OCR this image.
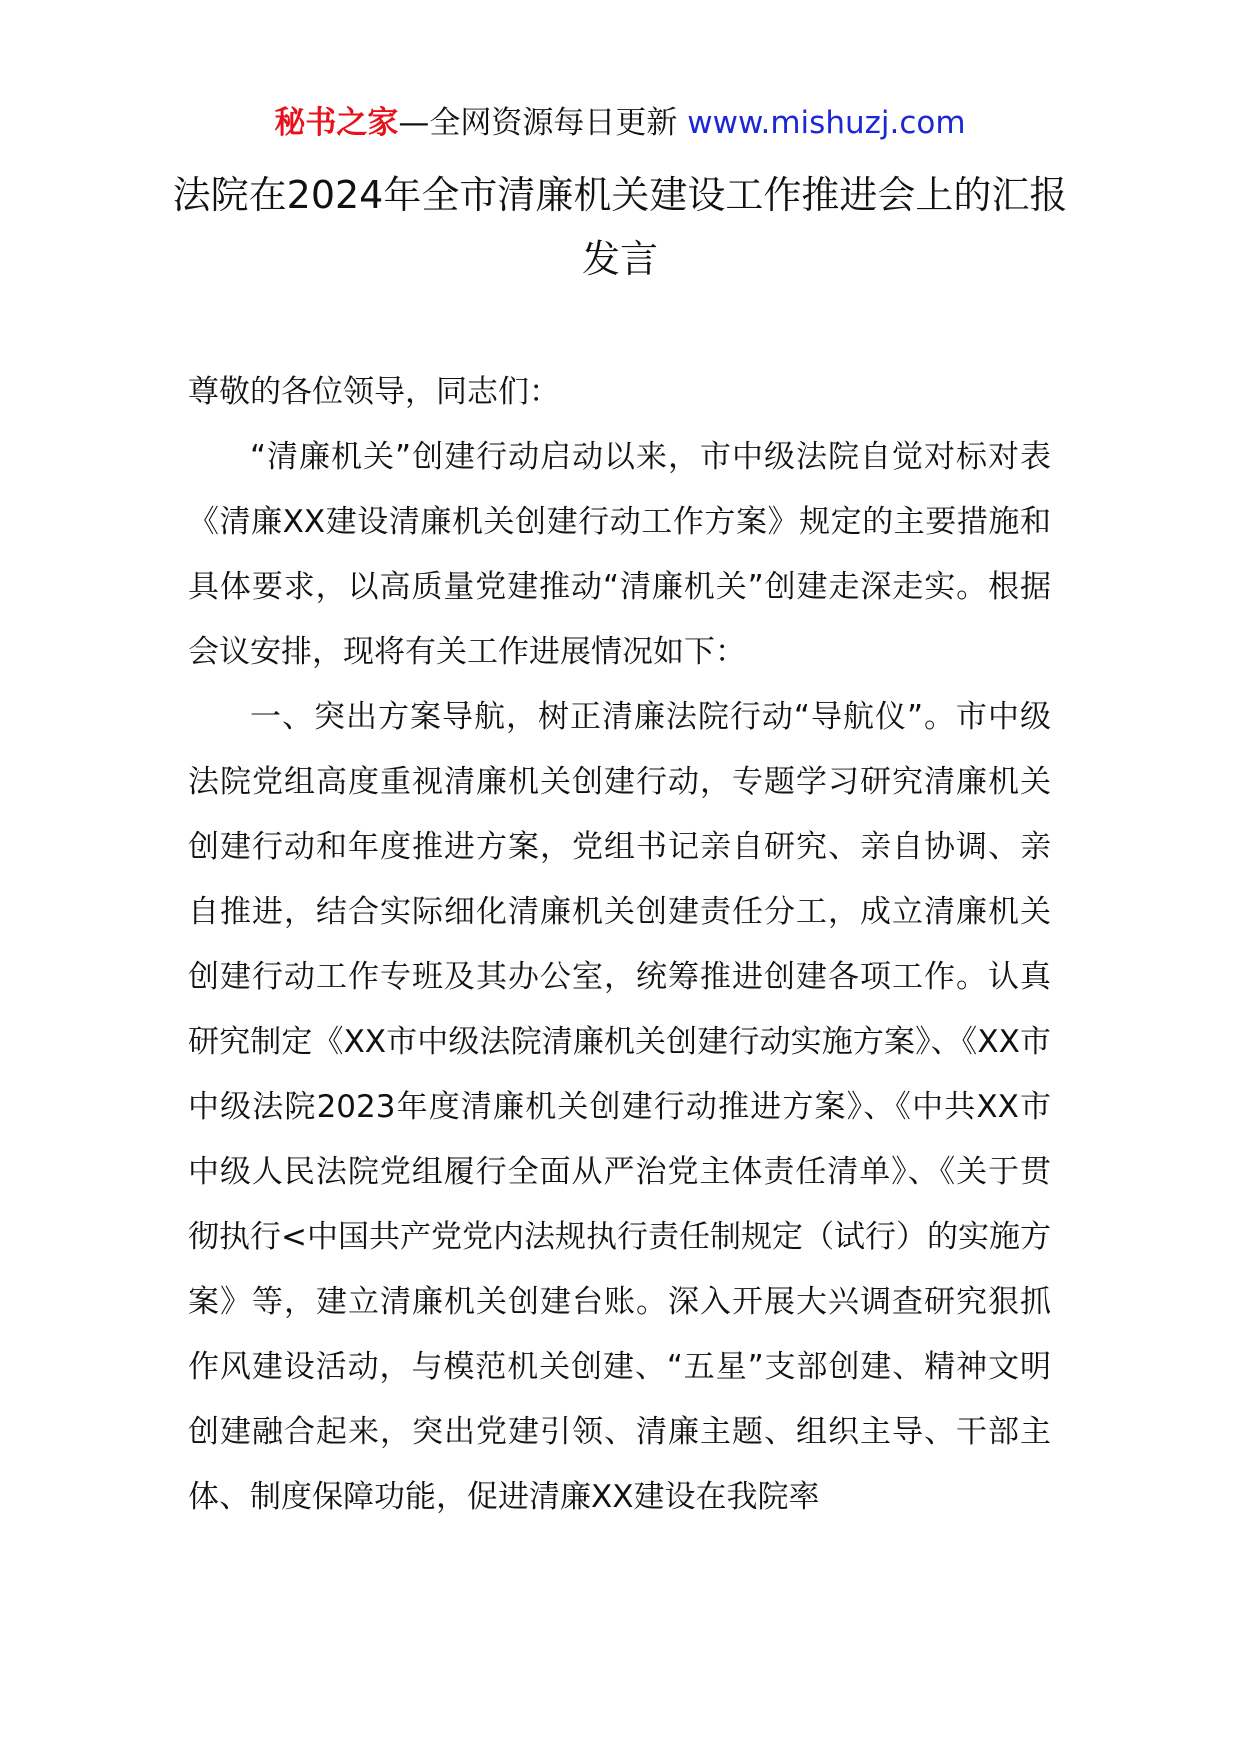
秘书之家—全网资源每日更新 www.mishuzj.com
法院在2024年全市清廉机关建设工作推进会上的汇报发言

尊敬的各位领导，同志们：

“清廉机关”创建行动启动以来，市中级法院自觉对标对表《清廉XX建设清廉机关创建行动工作方案》规定的主要措施和具体要求，以高质量党建推动“清廉机关”创建走深走实。根据会议安排，现将有关工作进展情况如下：

一、突出方案导航，树正清廉法院行动“导航仪”。市中级法院党组高度重视清廉机关创建行动，专题学习研究清廉机关创建行动和年度推进方案，党组书记亲自研究、亲自协调、亲自推进，结合实际细化清廉机关创建责任分工，成立清廉机关创建行动工作专班及其办公室，统筹推进创建各项工作。认真研究制定《XX市中级法院清廉机关创建行动实施方案》、《XX市中级法院2023年度清廉机关创建行动推进方案》、《中共XX市中级人民法院党组履行全面从严治党主体责任清单》、《关于贯彻执行<中国共产党党内法规执行责任制规定（试行）的实施方案》等，建立清廉机关创建台账。深入开展大兴调查研究狠抓作风建设活动，与模范机关创建、“五星”支部创建、精神文明创建融合起来，突出党建引领、清廉主题、组织主导、干部主体、制度保障功能，促进清廉XX建设在我院率
